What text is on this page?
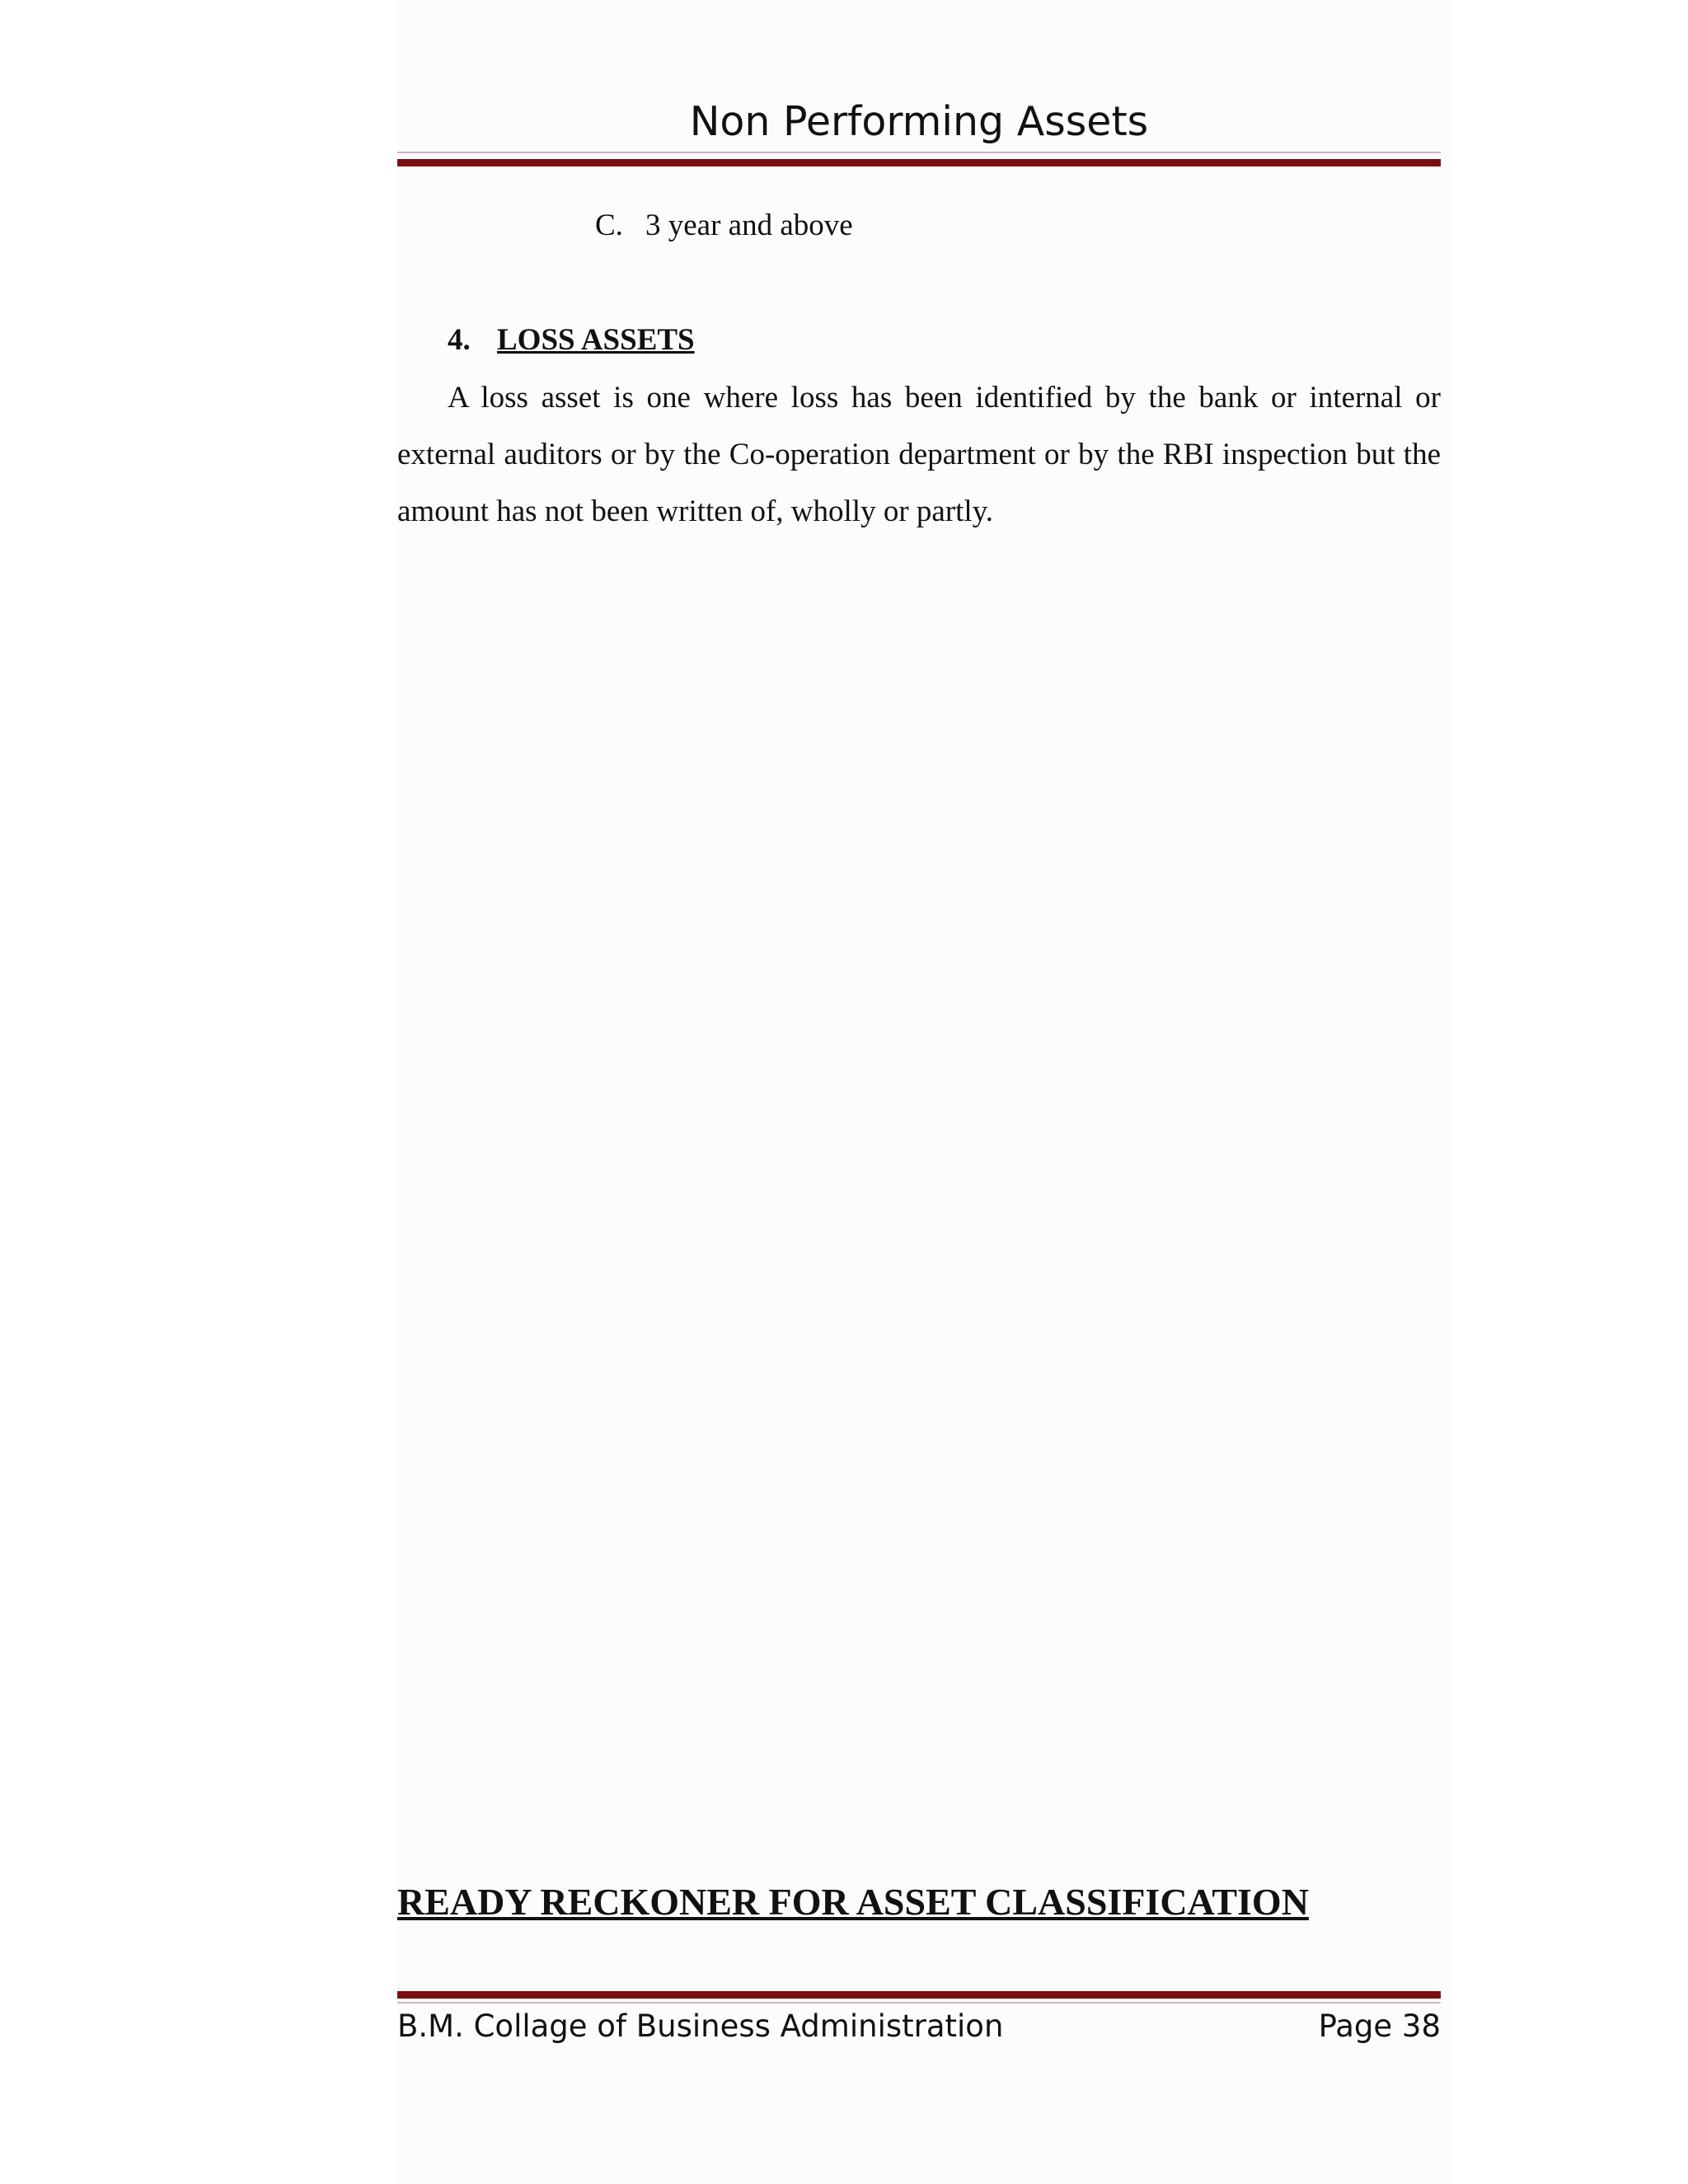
Non Performing Assets
C. 3 year and above
4. LOSS ASSETS

A loss asset is one where loss has been identified by the bank or internal or external auditors or by the Co-operation department or by the RBI inspection but the amount has not been written of, wholly or partly.

READY RECKONER FOR ASSET CLASSIFICATION
B.M. Collage of Business Administration	Page 38
